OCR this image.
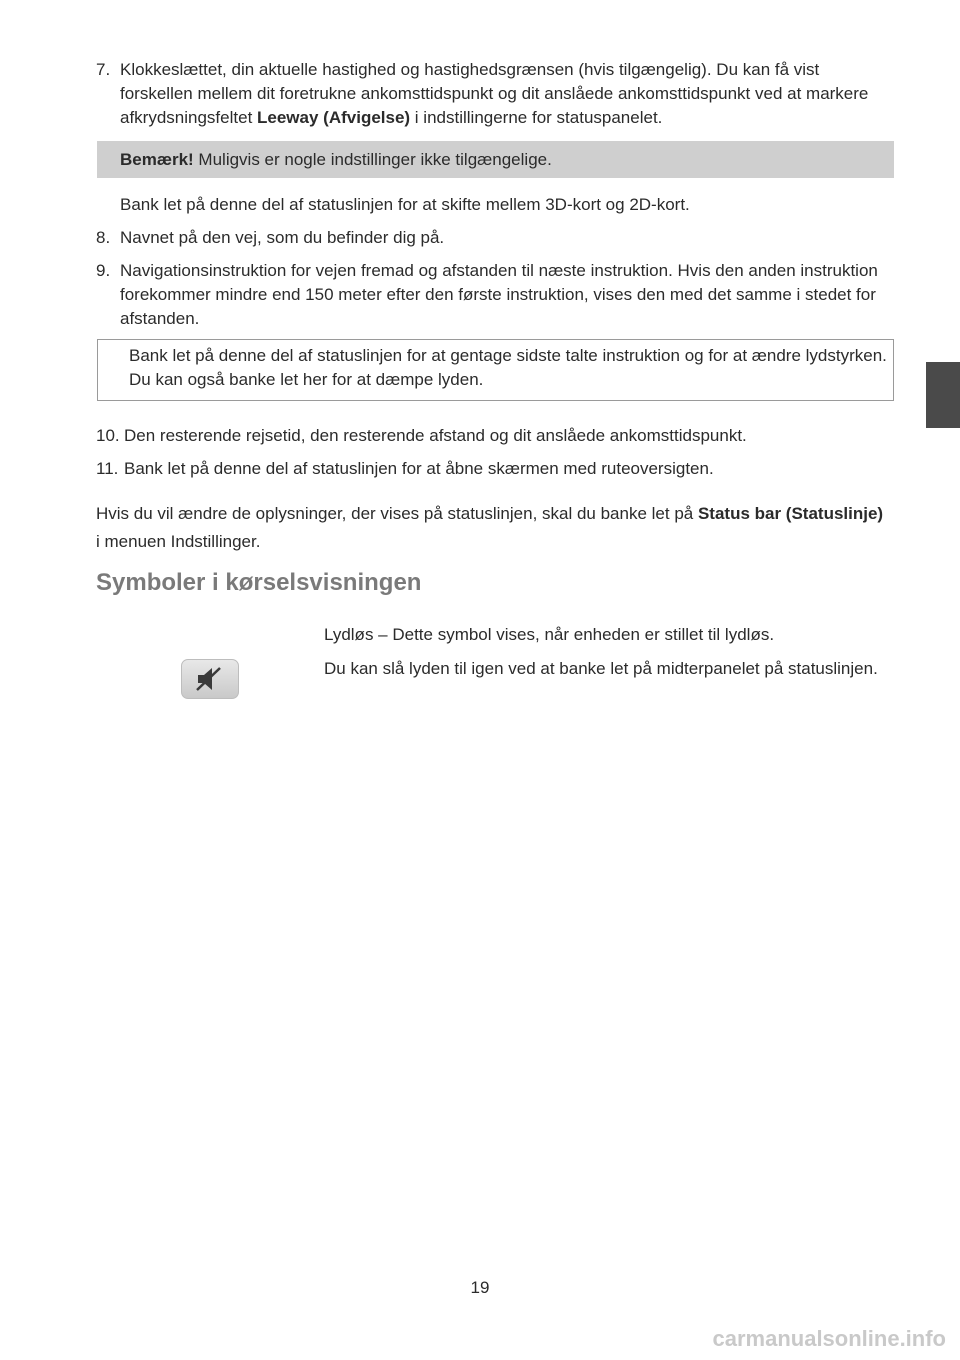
7. Klokkeslættet, din aktuelle hastighed og hastighedsgrænsen (hvis tilgængelig). Du kan få vist forskellen mellem dit foretrukne ankomsttidspunkt og dit anslåede ankomsttidspunkt ved at markere afkrydsningsfeltet Leeway (Afvigelse) i indstillingerne for statuspanelet.
Bemærk! Muligvis er nogle indstillinger ikke tilgængelige.
Bank let på denne del af statuslinjen for at skifte mellem 3D-kort og 2D-kort.
8. Navnet på den vej, som du befinder dig på.
9. Navigationsinstruktion for vejen fremad og afstanden til næste instruktion. Hvis den anden instruktion forekommer mindre end 150 meter efter den første instruktion, vises den med det samme i stedet for afstanden.
Bank let på denne del af statuslinjen for at gentage sidste talte instruktion og for at ændre lydstyrken. Du kan også banke let her for at dæmpe lyden.
10. Den resterende rejsetid, den resterende afstand og dit anslåede ankomsttidspunkt.
11. Bank let på denne del af statuslinjen for at åbne skærmen med ruteoversigten.
Hvis du vil ændre de oplysninger, der vises på statuslinjen, skal du banke let på Status bar (Statuslinje) i menuen Indstillinger.
Symboler i kørselsvisningen
Lydløs – Dette symbol vises, når enheden er stillet til lydløs.
Du kan slå lyden til igen ved at banke let på midterpanelet på statuslinjen.
19
carmanualsonline.info
